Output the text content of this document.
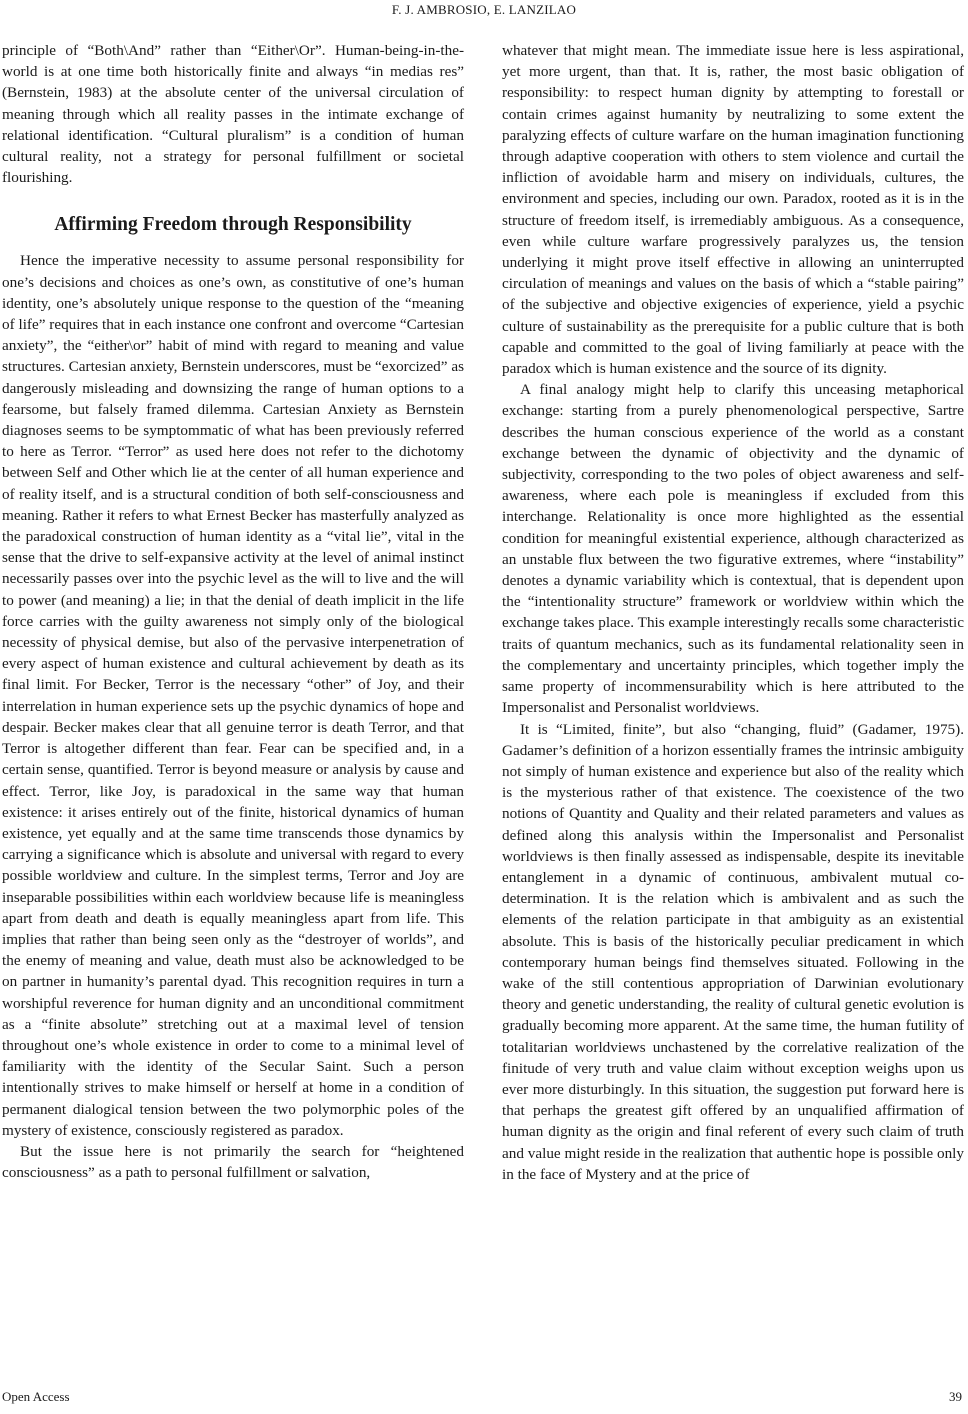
F. J. AMBROSIO, E. LANZILAO

principle of “Both\And” rather than “Either\Or”. Human-being-in-the-world is at one time both historically finite and always “in medias res” (Bernstein, 1983) at the absolute center of the universal circulation of meaning through which all reality passes in the intimate exchange of relational identification. “Cultural pluralism” is a condition of human cultural reality, not a strategy for personal fulfillment or societal flourishing.

Affirming Freedom through Responsibility

Hence the imperative necessity to assume personal responsibility for one’s decisions and choices as one’s own, as constitutive of one’s human identity, one’s absolutely unique response to the question of the “meaning of life” requires that in each instance one confront and overcome “Cartesian anxiety”, the “either\or” habit of mind with regard to meaning and value structures. Cartesian anxiety, Bernstein underscores, must be “exorcized” as dangerously misleading and downsizing the range of human options to a fearsome, but falsely framed dilemma. Cartesian Anxiety as Bernstein diagnoses seems to be symptommatic of what has been previously referred to here as Terror. “Terror” as used here does not refer to the dichotomy between Self and Other which lie at the center of all human experience and of reality itself, and is a structural condition of both self-consciousness and meaning. Rather it refers to what Ernest Becker has masterfully analyzed as the paradoxical construction of human identity as a “vital lie”, vital in the sense that the drive to self-expansive activity at the level of animal instinct necessarily passes over into the psychic level as the will to live and the will to power (and meaning) a lie; in that the denial of death implicit in the life force carries with the guilty awareness not simply only of the biological necessity of physical demise, but also of the pervasive interpenetration of every aspect of human existence and cultural achievement by death as its final limit. For Becker, Terror is the necessary “other” of Joy, and their interrelation in human experience sets up the psychic dynamics of hope and despair. Becker makes clear that all genuine terror is death Terror, and that Terror is altogether different than fear. Fear can be specified and, in a certain sense, quantified. Terror is beyond measure or analysis by cause and effect. Terror, like Joy, is paradoxical in the same way that human existence: it arises entirely out of the finite, historical dynamics of human existence, yet equally and at the same time transcends those dynamics by carrying a significance which is absolute and universal with regard to every possible worldview and culture. In the simplest terms, Terror and Joy are inseparable possibilities within each worldview because life is meaningless apart from death and death is equally meaningless apart from life. This implies that rather than being seen only as the “destroyer of worlds”, and the enemy of meaning and value, death must also be acknowledged to be on partner in humanity’s parental dyad. This recognition requires in turn a worshipful reverence for human dignity and an unconditional commitment as a “finite absolute” stretching out at a maximal level of tension throughout one’s whole existence in order to come to a minimal level of familiarity with the identity of the Secular Saint. Such a person intentionally strives to make himself or herself at home in a condition of permanent dialogical tension between the two polymorphic poles of the mystery of existence, consciously registered as paradox.

But the issue here is not primarily the search for “heightened consciousness” as a path to personal fulfillment or salvation,

whatever that might mean. The immediate issue here is less aspirational, yet more urgent, than that. It is, rather, the most basic obligation of responsibility: to respect human dignity by attempting to forestall or contain crimes against humanity by neutralizing to some extent the paralyzing effects of culture warfare on the human imagination functioning through adaptive cooperation with others to stem violence and curtail the infliction of avoidable harm and misery on individuals, cultures, the environment and species, including our own. Paradox, rooted as it is in the structure of freedom itself, is irremediably ambiguous. As a consequence, even while culture warfare progressively paralyzes us, the tension underlying it might prove itself effective in allowing an uninterrupted circulation of meanings and values on the basis of which a “stable pairing” of the subjective and objective exigencies of experience, yield a psychic culture of sustainability as the prerequisite for a public culture that is both capable and committed to the goal of living familiarly at peace with the paradox which is human existence and the source of its dignity.

A final analogy might help to clarify this unceasing metaphorical exchange: starting from a purely phenomenological perspective, Sartre describes the human conscious experience of the world as a constant exchange between the dynamic of objectivity and the dynamic of subjectivity, corresponding to the two poles of object awareness and self-awareness, where each pole is meaningless if excluded from this interchange. Relationality is once more highlighted as the essential condition for meaningful existential experience, although characterized as an unstable flux between the two figurative extremes, where “instability” denotes a dynamic variability which is contextual, that is dependent upon the “intentionality structure” framework or worldview within which the exchange takes place. This example interestingly recalls some characteristic traits of quantum mechanics, such as its fundamental relationality seen in the complementary and uncertainty principles, which together imply the same property of incommensurability which is here attributed to the Impersonalist and Personalist worldviews.

It is “Limited, finite”, but also “changing, fluid” (Gadamer, 1975). Gadamer’s definition of a horizon essentially frames the intrinsic ambiguity not simply of human existence and experience but also of the reality which is the mysterious rather of that existence. The coexistence of the two notions of Quantity and Quality and their related parameters and values as defined along this analysis within the Impersonalist and Personalist worldviews is then finally assessed as indispensable, despite its inevitable entanglement in a dynamic of continuous, ambivalent mutual co-determination. It is the relation which is ambivalent and as such the elements of the relation participate in that ambiguity as an existential absolute. This is basis of the historically peculiar predicament in which contemporary human beings find themselves situated. Following in the wake of the still contentious appropriation of Darwinian evolutionary theory and genetic understanding, the reality of cultural genetic evolution is gradually becoming more apparent. At the same time, the human futility of totalitarian worldviews unchastened by the correlative realization of the finitude of very truth and value claim without exception weighs upon us ever more disturbingly. In this situation, the suggestion put forward here is that perhaps the greatest gift offered by an unqualified affirmation of human dignity as the origin and final referent of every such claim of truth and value might reside in the realization that authentic hope is possible only in the face of Mystery and at the price of

Open Access	39
